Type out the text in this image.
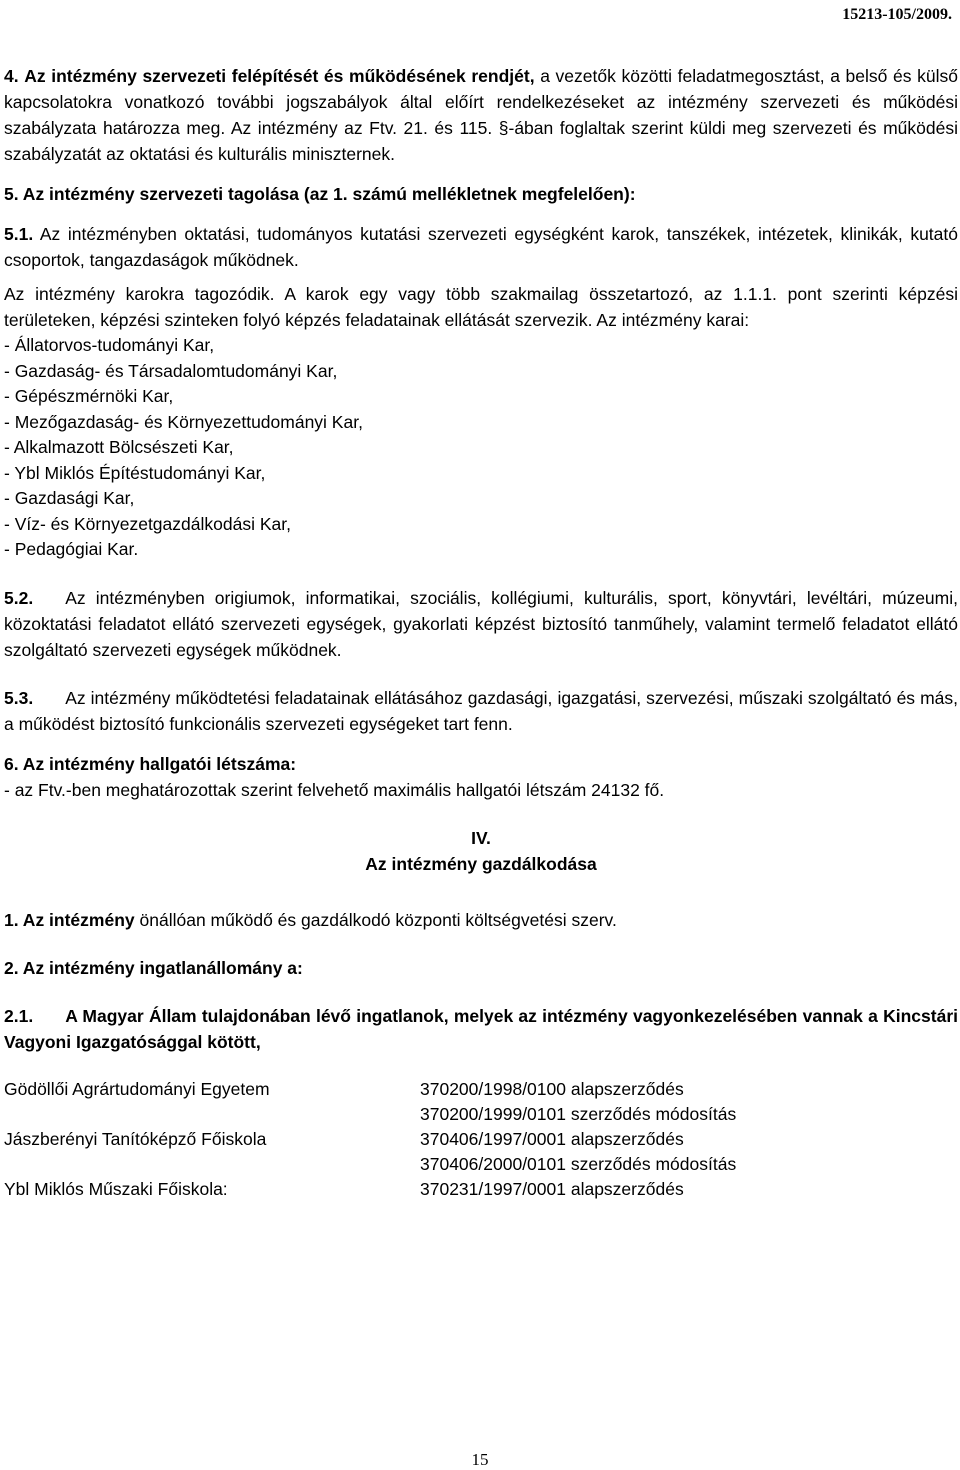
15213-105/2009.

4. Az intézmény szervezeti felépítését és működésének rendjét, a vezetők közötti feladatmegosztást, a belső és külső kapcsolatokra vonatkozó további jogszabályok által előírt rendelkezéseket az intézmény szervezeti és működési szabályzata határozza meg. Az intézmény az Ftv. 21. és 115. §-ában foglaltak szerint küldi meg szervezeti és működési szabályzatát az oktatási és kulturális miniszternek.

5. Az intézmény szervezeti tagolása (az 1. számú mellékletnek megfelelően):

5.1. Az intézményben oktatási, tudományos kutatási szervezeti egységként karok, tanszékek, intézetek, klinikák, kutató csoportok, tangazdaságok működnek.

Az intézmény karokra tagozódik. A karok egy vagy több szakmailag összetartozó, az 1.1.1. pont szerinti képzési területeken, képzési szinteken folyó képzés feladatainak ellátását szervezik. Az intézmény karai:

- Állatorvos-tudományi Kar,
- Gazdaság- és Társadalomtudományi Kar,
- Gépészmérnöki Kar,
- Mezőgazdaság- és Környezettudományi Kar,
- Alkalmazott Bölcsészeti Kar,
- Ybl Miklós Építéstudományi Kar,
- Gazdasági Kar,
- Víz- és Környezetgazdálkodási Kar,
- Pedagógiai Kar.

5.2. Az intézményben origiumok, informatikai, szociális, kollégiumi, kulturális, sport, könyvtári, levéltári, múzeumi, közoktatási feladatot ellátó szervezeti egységek, gyakorlati képzést biztosító tanműhely, valamint termelő feladatot ellátó szolgáltató szervezeti egységek működnek.

5.3. Az intézmény működtetési feladatainak ellátásához gazdasági, igazgatási, szervezési, műszaki szolgáltató és más, a működést biztosító funkcionális szervezeti egységeket tart fenn.

6. Az intézmény hallgatói létszáma:

- az Ftv.-ben meghatározottak szerint felvehető maximális hallgatói létszám 24132 fő.

IV.

Az intézmény gazdálkodása

1. Az intézmény önállóan működő és gazdálkodó központi költségvetési szerv.

2. Az intézmény ingatlanállomány a:

2.1. A Magyar Állam tulajdonában lévő ingatlanok, melyek az intézmény vagyonkezelésében vannak a Kincstári Vagyoni Igazgatósággal kötött,

Gödöllői Agrártudományi Egyetem	370200/1998/0100 alapszerződés
370200/1999/0101 szerződés módosítás
Jászberényi Tanítóképző Főiskola	370406/1997/0001 alapszerződés
370406/2000/0101 szerződés módosítás
Ybl Miklós Műszaki Főiskola:	370231/1997/0001 alapszerződés
15
